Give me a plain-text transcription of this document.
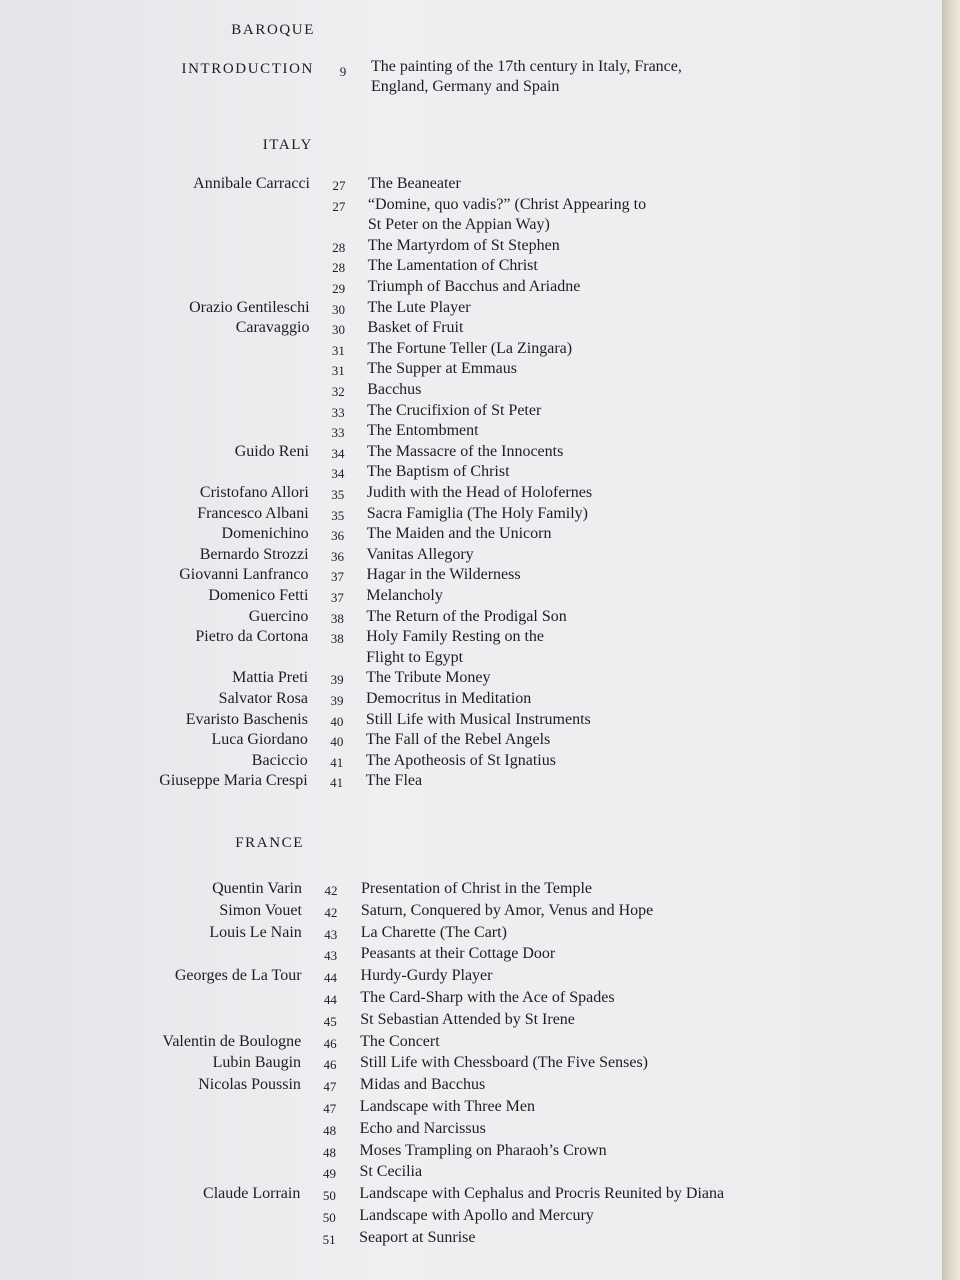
BAROQUE
INTRODUCTION	9	The painting of the 17th century in Italy, France,
England, Germany and Spain
ITALY
Annibale Carracci	27 The Beaneater
27 “Domine, quo vadis?” (Christ Appearing to
St Peter on the Appian Way)
28 The Martyrdom of St Stephen
28 The Lamentation of Christ
29 Triumph of Bacchus and Ariadne
Orazio Gentileschi	30 The Lute Player
Caravaggio	30 Basket of Fruit
31 The Fortune Teller (La Zingara)
31 The Supper at Emmaus
32 Bacchus
33 The Crucifixion of St Peter
33 The Entombment
Guido Reni	34 The Massacre of the Innocents
34 The Baptism of Christ
Cristofano Allori	35 Judith with the Head of Holofernes
Francesco Albani	35 Sacra Famiglia (The Holy Family)
Domenichino	36 The Maiden and the Unicorn
Bernardo Strozzi	36 Vanitas Allegory
Giovanni Lanfranco	37 Hagar in the Wilderness
Domenico Fetti	37 Melancholy
Guercino	38 The Return of the Prodigal Son
Pietro da Cortona	38 Holy Family Resting on the
Flight to Egypt
Mattia Preti	39 The Tribute Money
Salvator Rosa	39 Democritus in Meditation
Evaristo Baschenis	40 Still Life with Musical Instruments
Luca Giordano	40 The Fall of the Rebel Angels
Baciccio	41 The Apotheosis of St Ignatius
Giuseppe Maria Crespi	41 The Flea
FRANCE
Quentin Varin	42 Presentation of Christ in the Temple
Simon Vouet	42 Saturn, Conquered by Amor, Venus and Hope
Louis Le Nain	43 La Charette (The Cart)
43 Peasants at their Cottage Door
Georges de La Tour	44 Hurdy-Gurdy Player
44 The Card-Sharp with the Ace of Spades
45 St Sebastian Attended by St Irene
Valentin de Boulogne	46 The Concert
Lubin Baugin	46 Still Life with Chessboard (The Five Senses)
Nicolas Poussin	47 Midas and Bacchus
47 Landscape with Three Men
48 Echo and Narcissus
48 Moses Trampling on Pharaoh’s Crown
49 St Cecilia
Claude Lorrain	50 Landscape with Cephalus and Procris Reunited by Diana
50 Landscape with Apollo and Mercury
51 Seaport at Sunrise
